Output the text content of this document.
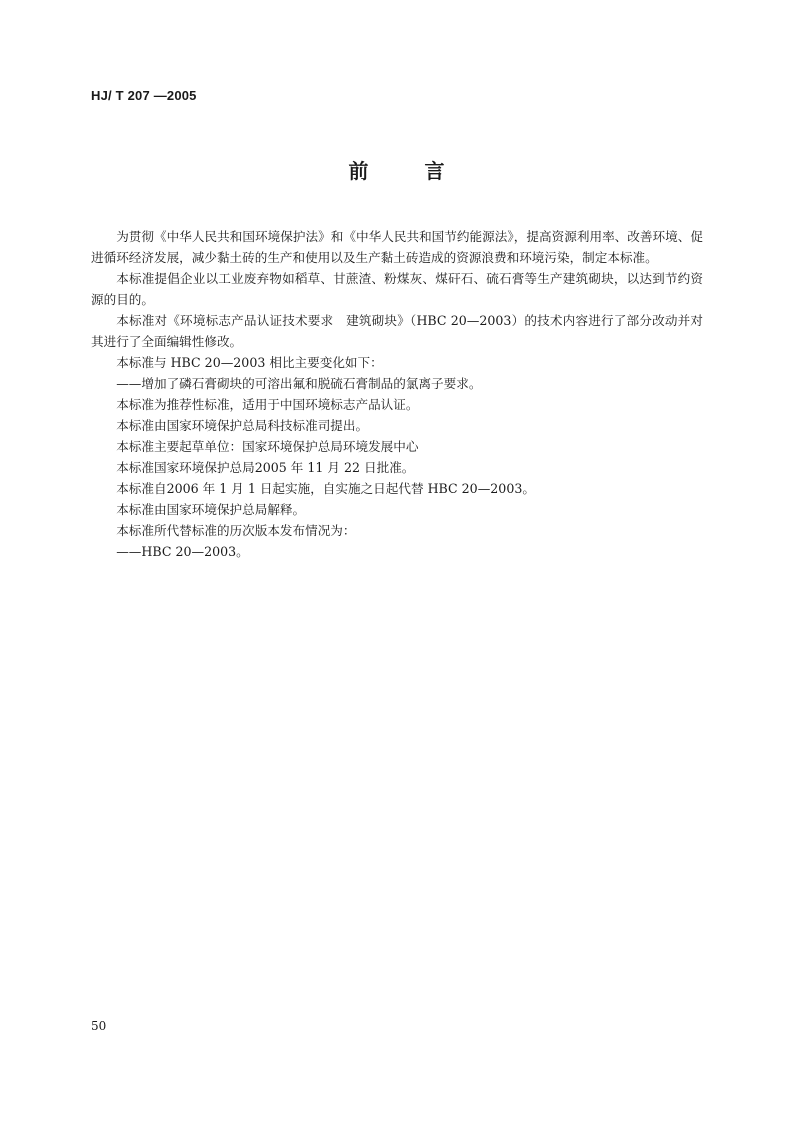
HJ/ T 207 —2005
前言

为贯彻《中华人民共和国环境保护法》和《中华人民共和国节约能源法》，提高资源利用率、改善环境、促进循环经济发展，减少黏土砖的生产和使用以及生产黏土砖造成的资源浪费和环境污染，制定本标准。

本标准提倡企业以工业废弃物如稻草、甘蔗渣、粉煤灰、煤矸石、硫石膏等生产建筑砌块，以达到节约资源的目的。

本标准对《环境标志产品认证技术要求　建筑砌块》（HBC 20—2003）的技术内容进行了部分改动并对其进行了全面编辑性修改。

本标准与 HBC 20—2003 相比主要变化如下：

——增加了磷石膏砌块的可溶出氟和脱硫石膏制品的氯离子要求。

本标准为推荐性标准，适用于中国环境标志产品认证。

本标准由国家环境保护总局科技标准司提出。

本标准主要起草单位：国家环境保护总局环境发展中心

本标准国家环境保护总局2005 年 11 月 22 日批准。

本标准自2006 年 1 月 1 日起实施，自实施之日起代替 HBC 20—2003。

本标准由国家环境保护总局解释。

本标准所代替标准的历次版本发布情况为：

——HBC 20—2003。

50
